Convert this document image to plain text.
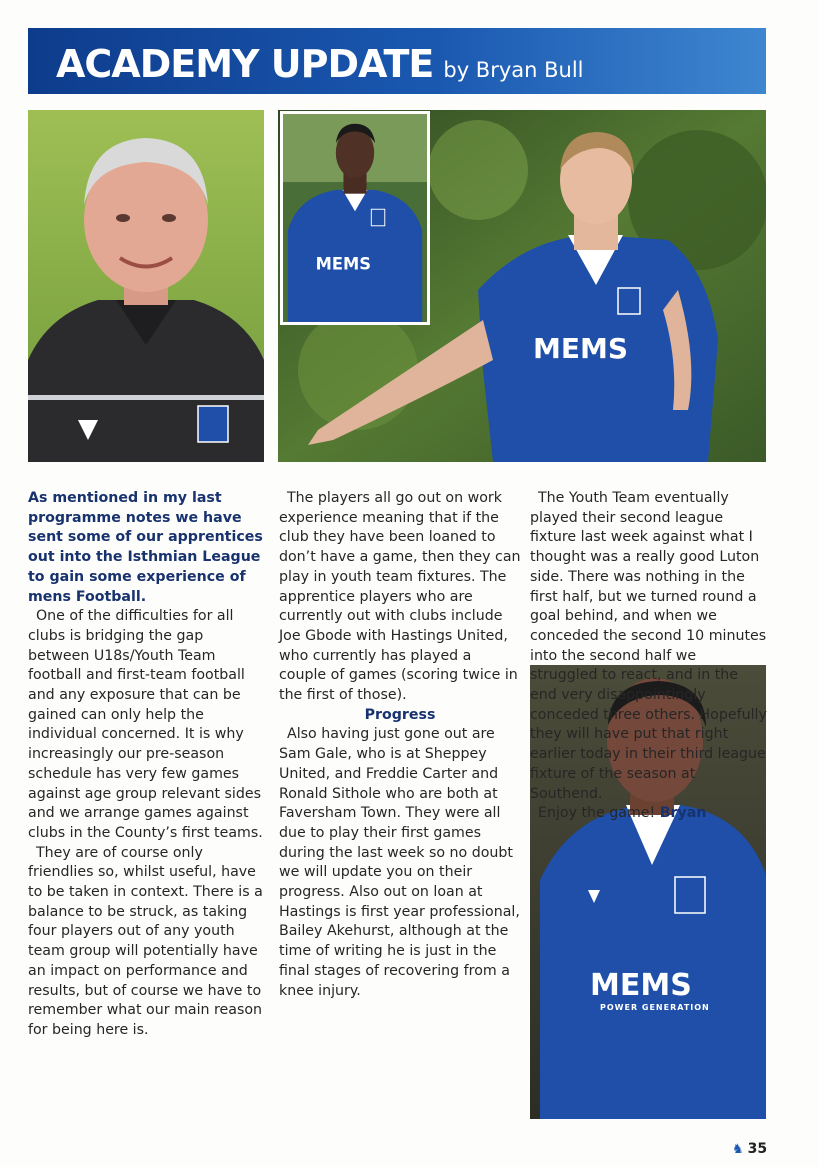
ACADEMY UPDATE by Bryan Bull
MEMS
MEMS
MEMS
POWER GENERATION

As mentioned in my last programme notes we have sent some of our apprentices out into the Isthmian League to gain some experience of mens Football.

One of the difficulties for all clubs is bridging the gap between U18s/Youth Team football and first-team football and any exposure that can be gained can only help the individual concerned. It is why increasingly our pre-season schedule has very few games against age group relevant sides and we arrange games against clubs in the County’s first teams.

They are of course only friendlies so, whilst useful, have to be taken in context. There is a balance to be struck, as taking four players out of any youth team group will potentially have an impact on performance and results, but of course we have to remember what our main reason for being here is.

The players all go out on work experience meaning that if the club they have been loaned to don’t have a game, then they can play in youth team fixtures. The apprentice players who are currently out with clubs include Joe Gbode with Hastings United, who currently has played a couple of games (scoring twice in the first of those).

Progress

Also having just gone out are Sam Gale, who is at Sheppey United, and Freddie Carter and Ronald Sithole who are both at Faversham Town. They were all due to play their first games during the last week so no doubt we will update you on their progress. Also out on loan at Hastings is first year professional, Bailey Akehurst, although at the time of writing he is just in the final stages of recovering from a knee injury.

The Youth Team eventually played their second league fixture last week against what I thought was a really good Luton side. There was nothing in the first half, but we turned round a goal behind, and when we conceded the second 10 minutes into the second half we struggled to react, and in the end very disappointingly conceded three others. Hopefully they will have put that right earlier today in their third league fixture of the season at Southend.

Enjoy the game! Bryan

♞ 35
